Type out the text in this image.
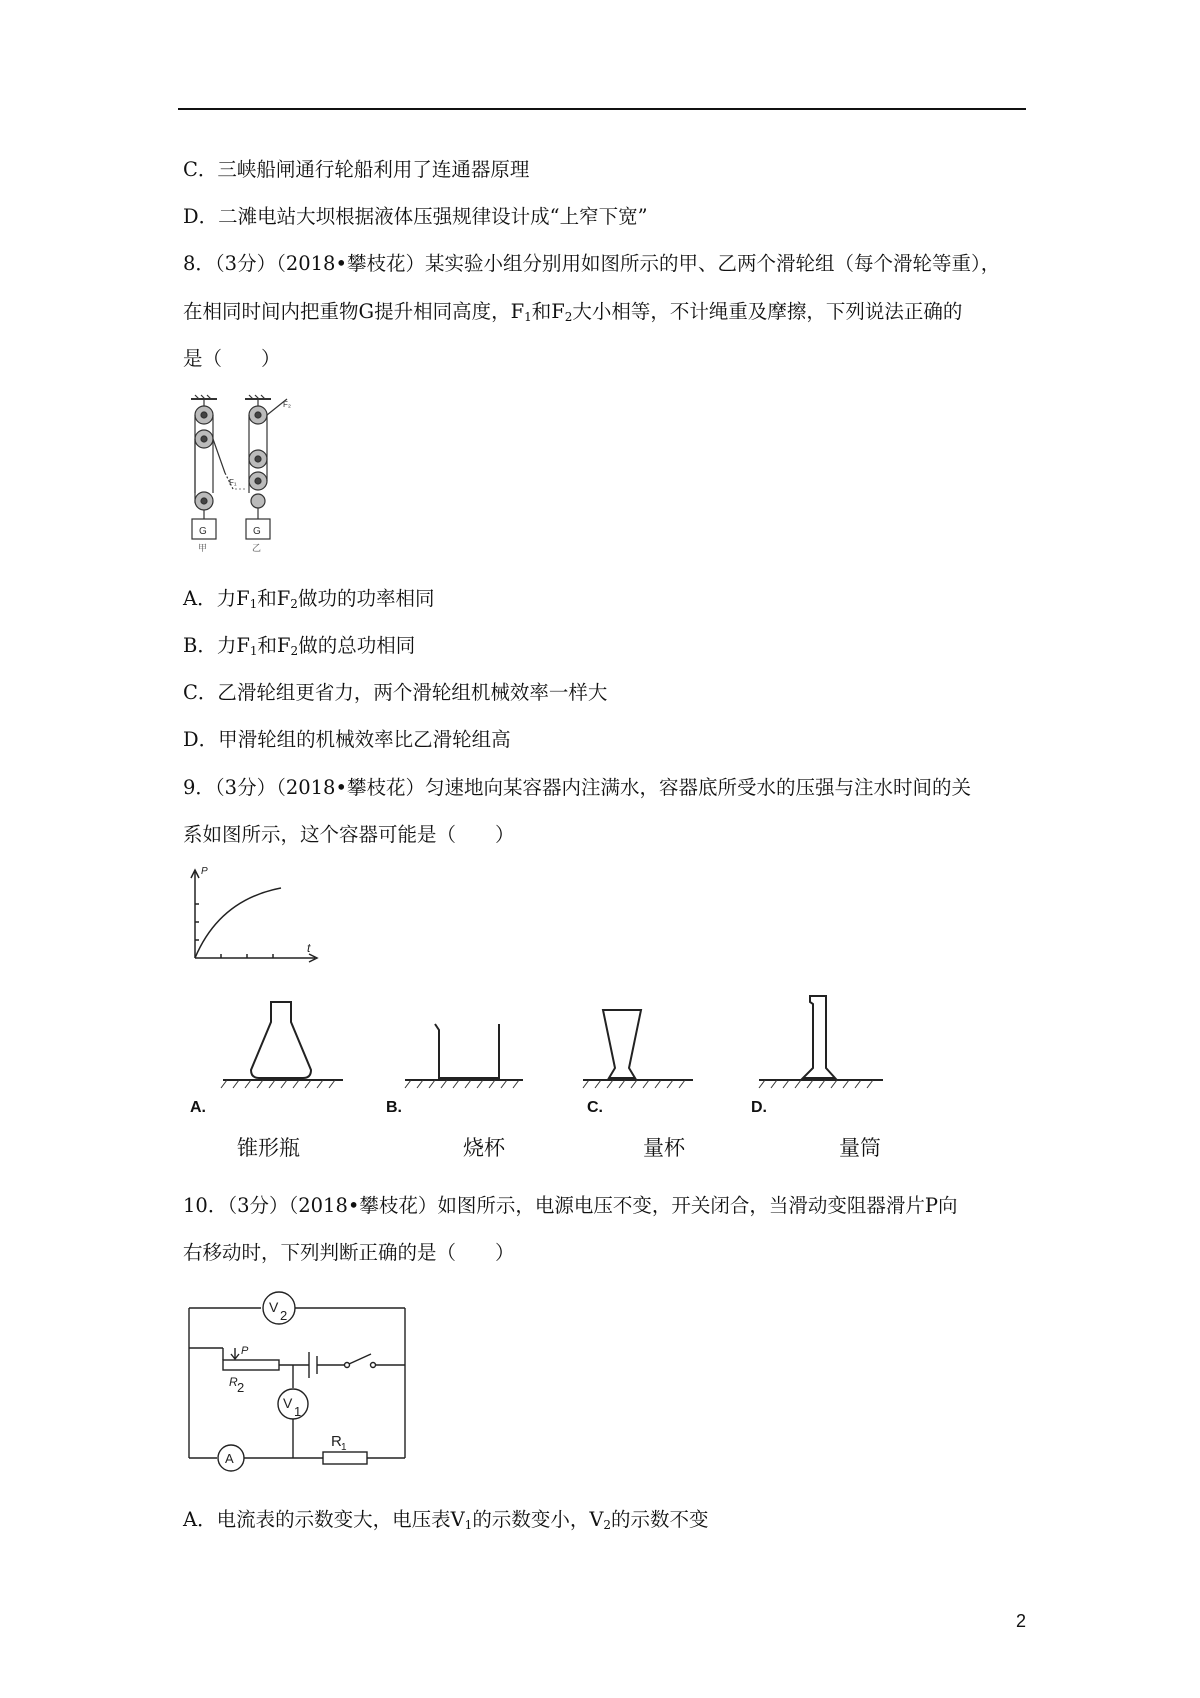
C．三峡船闸通行轮船利用了连通器原理
D．二滩电站大坝根据液体压强规律设计成“上窄下宽”
8．（3分）（2018•攀枝花）某实验小组分别用如图所示的甲、乙两个滑轮组（每个滑轮等重），
在相同时间内把重物G提升相同高度，$F_1$和$F_2$大小相等，不计绳重及摩擦，下列说法正确的
是（　　）
F₁
F₂
G	G
甲	乙
A．力$F_1$和$F_2$做功的功率相同
B．力$F_1$和$F_2$做的总功相同
C．乙滑轮组更省力，两个滑轮组机械效率一样大
D．甲滑轮组的机械效率比乙滑轮组高
9．（3分）（2018•攀枝花）匀速地向某容器内注满水，容器底所受水的压强与注水时间的关
系如图所示，这个容器可能是（　　）
P
t
A.	B.	C.	D.
锥形瓶	烧杯	量杯	量筒
10．（3分）（2018•攀枝花）如图所示，电源电压不变，开关闭合，当滑动变阻器滑片P向
右移动时，下列判断正确的是（　　）
V
2
V
1
A
P
R 2
R 1
A．电流表的示数变大，电压表$V_1$的示数变小，$V_2$的示数不变
2
